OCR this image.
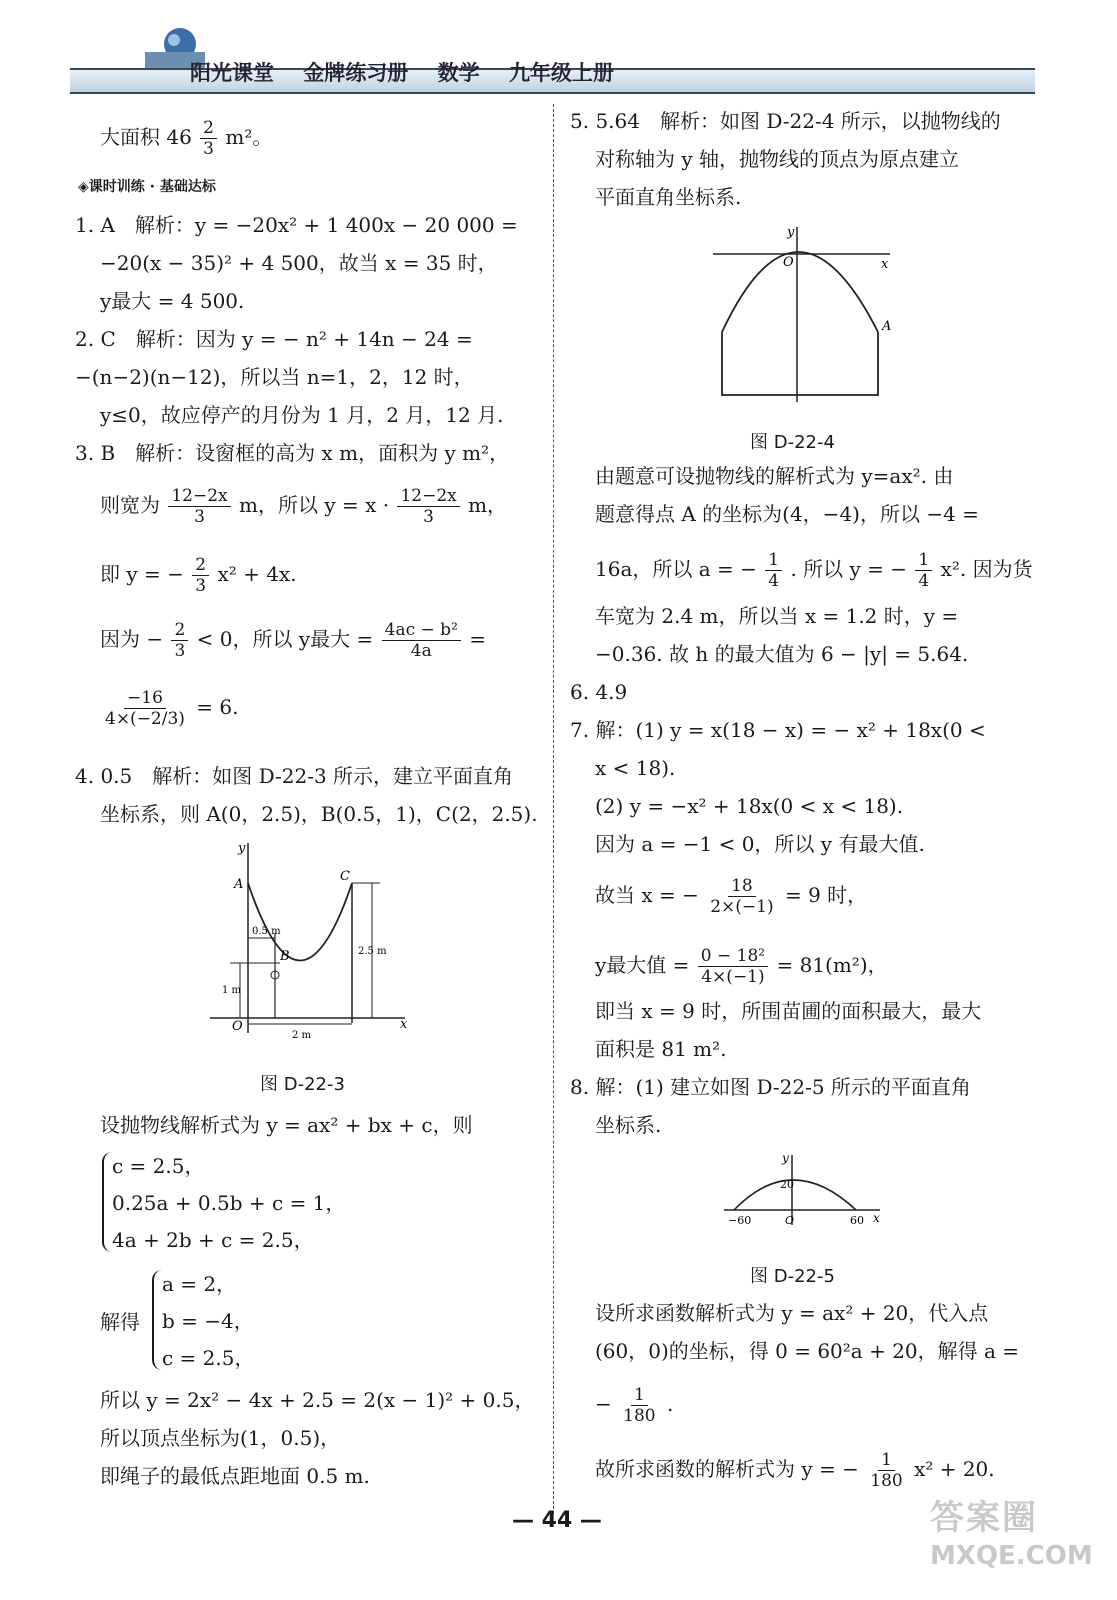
阳光课堂 金牌练习册 数学 九年级上册
大面积 $46 \frac{2}{3} m^2$。
◈课时训练 · 基础达标
1. A　解析：y = −20x² + 1 400x − 20 000 =
−20(x − 35)² + 4 500，故当 x = 35 时，
y最大 = 4 500.
2. C　解析：因为 y = − n² + 14n − 24 =
−(n−2)(n−12)，所以当 n=1，2，12 时，
y≤0，故应停产的月份为 1 月，2 月，12 月.
3. B　解析：设窗框的高为 x m，面积为 y m²，
则宽为 $\frac{12-2x}{3}$ m，所以 $y = x \cdot \frac{12-2x}{3}$ m，
即 y = − $\frac{2}{3} x^2 + 4x$.
因为 − $\frac{2}{3} < 0$，所以 y最大 = $\frac{\text{4ac − b²}}{4a}$ =
$\frac{-16}{4\times(-2/3)} = 6$.
4. 0.5　解析：如图 D-22-3 所示，建立平面直角
坐标系，则 A(0，2.5)，B(0.5，1)，C(2，2.5).
A
B
C
O	x
y
0.5 m
2.5 m
1 m
2 m
图 D-22-3
设抛物线解析式为 y = ax² + bx + c，则
c = 2.5，
0.25a + 0.5b + c = 1，
4a + 2b + c = 2.5，
解得
a = 2，
b = −4，
c = 2.5，
所以 y = 2x² − 4x + 2.5 = 2(x − 1)² + 0.5，
所以顶点坐标为(1，0.5)，
即绳子的最低点距地面 0.5 m.
5. 5.64　解析：如图 D-22-4 所示，以抛物线的
对称轴为 y 轴，抛物线的顶点为原点建立
平面直角坐标系.
O	x
y
A
图 D-22-4
由题意可设抛物线的解析式为 y=ax². 由
题意得点 A 的坐标为(4，−4)，所以 −4 =
16a，所以 a = − $\frac{1}{4}$ . 所以 y = − $\frac{1}{4} x^2$. 因为货
车宽为 2.4 m，所以当 x = 1.2 时，y =
−0.36. 故 h 的最大值为 6 − |y| = 5.64.
6. 4.9
7. 解：(1) y = x(18 − x) = − x² + 18x(0 <
x < 18).
(2) y = −x² + 18x(0 < x < 18).
因为 a = −1 < 0，所以 y 有最大值.
故当 x = − $\frac{18}{2\times(-1)} = 9$ 时，
y最大值 = $\frac{\text{0 − 18²}}{4\times(-1)} = 81(m^2)$，
即当 x = 9 时，所围苗圃的面积最大，最大
面积是 81 m².
8. 解：(1) 建立如图 D-22-5 所示的平面直角
坐标系.
y
x
20
−60	O	60
图 D-22-5
设所求函数解析式为 y = ax² + 20，代入点
(60，0)的坐标，得 0 = 60²a + 20，解得 a =
− $\frac{1}{180}$ .
故所求函数的解析式为 y = − $\frac{1}{180} x^2 + 20$.
— 44 —	答案圈
MXQE.COM
